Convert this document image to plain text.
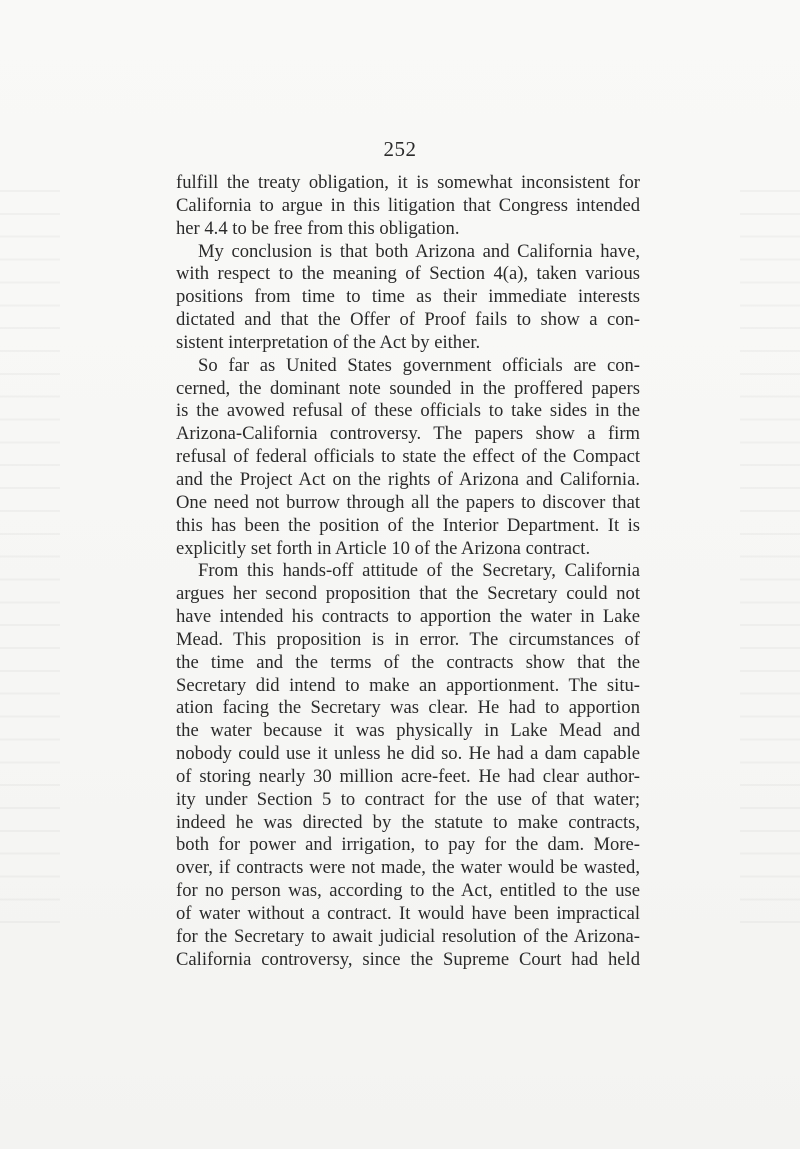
252
fulfill the treaty obligation, it is somewhat inconsistent for
California to argue in this litigation that Congress intended
her 4.4 to be free from this obligation.
My conclusion is that both Arizona and California have,
with respect to the meaning of Section 4(a), taken various
positions from time to time as their immediate interests
dictated and that the Offer of Proof fails to show a con-
sistent interpretation of the Act by either.
So far as United States government officials are con-
cerned, the dominant note sounded in the proffered papers
is the avowed refusal of these officials to take sides in the
Arizona-California controversy. The papers show a firm
refusal of federal officials to state the effect of the Compact
and the Project Act on the rights of Arizona and California.
One need not burrow through all the papers to discover that
this has been the position of the Interior Department. It is
explicitly set forth in Article 10 of the Arizona contract.
From this hands-off attitude of the Secretary, California
argues her second proposition that the Secretary could not
have intended his contracts to apportion the water in Lake
Mead. This proposition is in error. The circumstances of
the time and the terms of the contracts show that the
Secretary did intend to make an apportionment. The situ-
ation facing the Secretary was clear. He had to apportion
the water because it was physically in Lake Mead and
nobody could use it unless he did so. He had a dam capable
of storing nearly 30 million acre-feet. He had clear author-
ity under Section 5 to contract for the use of that water;
indeed he was directed by the statute to make contracts,
both for power and irrigation, to pay for the dam. More-
over, if contracts were not made, the water would be wasted,
for no person was, according to the Act, entitled to the use
of water without a contract. It would have been impractical
for the Secretary to await judicial resolution of the Arizona-
California controversy, since the Supreme Court had held
